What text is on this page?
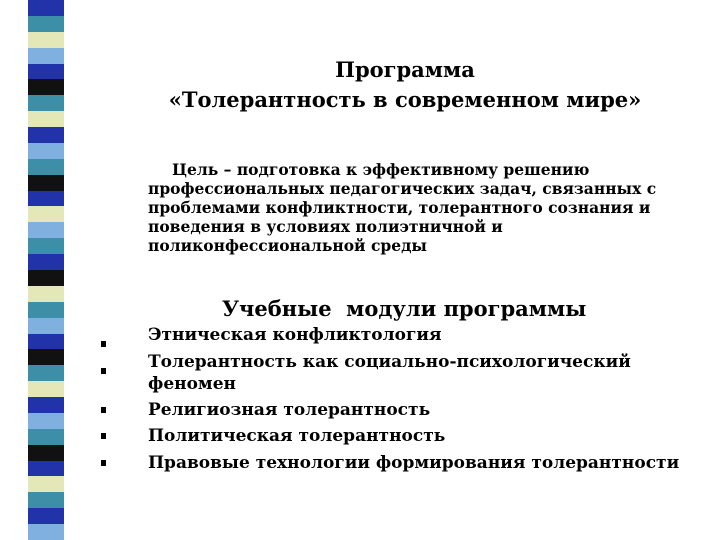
Программа
«Толерантность в современном мире»

Цель – подготовка к эффективному решению

профессиональных педагогических задач, связанных с

проблемами конфликтности, толерантного сознания и

поведения в условиях полиэтничной и

поликонфессиональной среды

Учебные  модули программы
Этническая конфликтология
Толерантность как социально-психологический
феномен
Религиозная толерантность
Политическая толерантность
Правовые технологии формирования толерантности
